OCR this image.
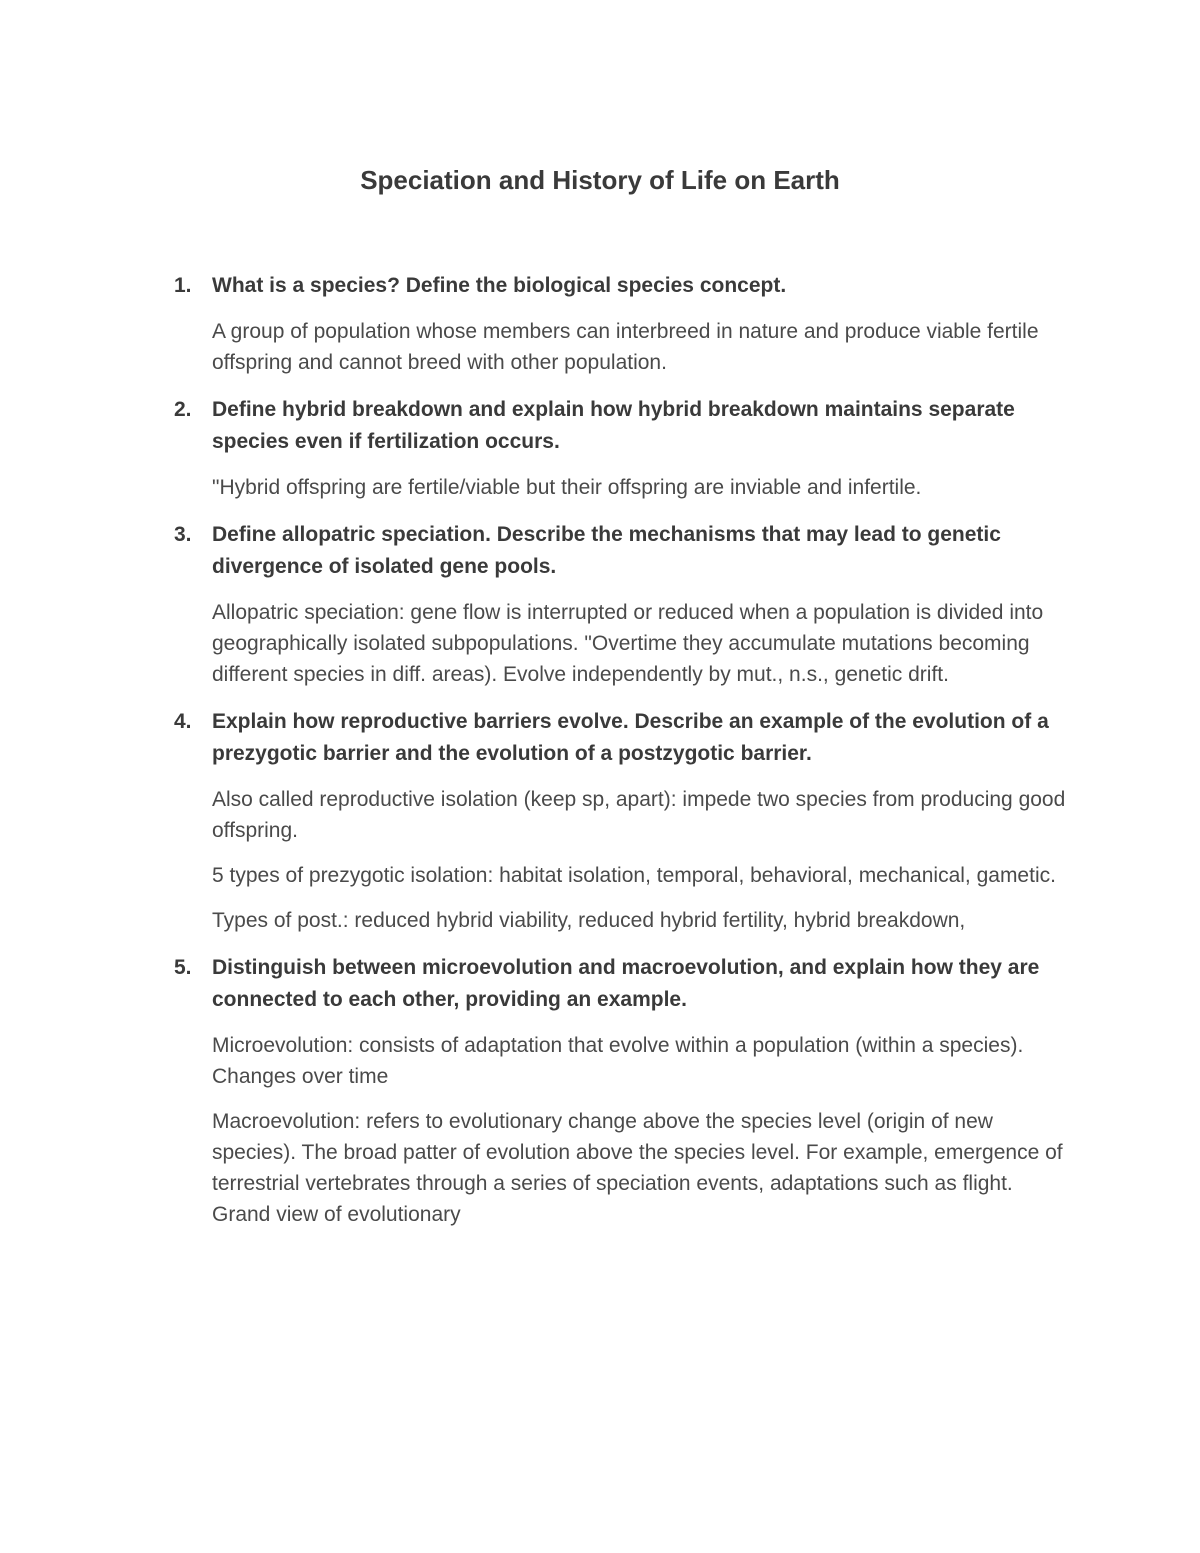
Speciation and History of Life on Earth
1. What is a species? Define the biological species concept.

A group of population whose members can interbreed in nature and produce viable fertile offspring and cannot breed with other population.

2. Define hybrid breakdown and explain how hybrid breakdown maintains separate species even if fertilization occurs.

"Hybrid offspring are fertile/viable but their offspring are inviable and infertile.

3. Define allopatric speciation. Describe the mechanisms that may lead to genetic divergence of isolated gene pools.

Allopatric speciation: gene flow is interrupted or reduced when a population is divided into geographically isolated subpopulations. "Overtime they accumulate mutations becoming different species in diff. areas). Evolve independently by mut., n.s., genetic drift.

4. Explain how reproductive barriers evolve. Describe an example of the evolution of a prezygotic barrier and the evolution of a postzygotic barrier.

Also called reproductive isolation (keep sp, apart): impede two species from producing good offspring.

5 types of prezygotic isolation: habitat isolation, temporal, behavioral, mechanical, gametic.

Types of post.: reduced hybrid viability, reduced hybrid fertility, hybrid breakdown,

5. Distinguish between microevolution and macroevolution, and explain how they are connected to each other, providing an example.

Microevolution: consists of adaptation that evolve within a population (within a species). Changes over time

Macroevolution: refers to evolutionary change above the species level (origin of new species). The broad patter of evolution above the species level. For example, emergence of terrestrial vertebrates through a series of speciation events, adaptations such as flight. Grand view of evolutionary
